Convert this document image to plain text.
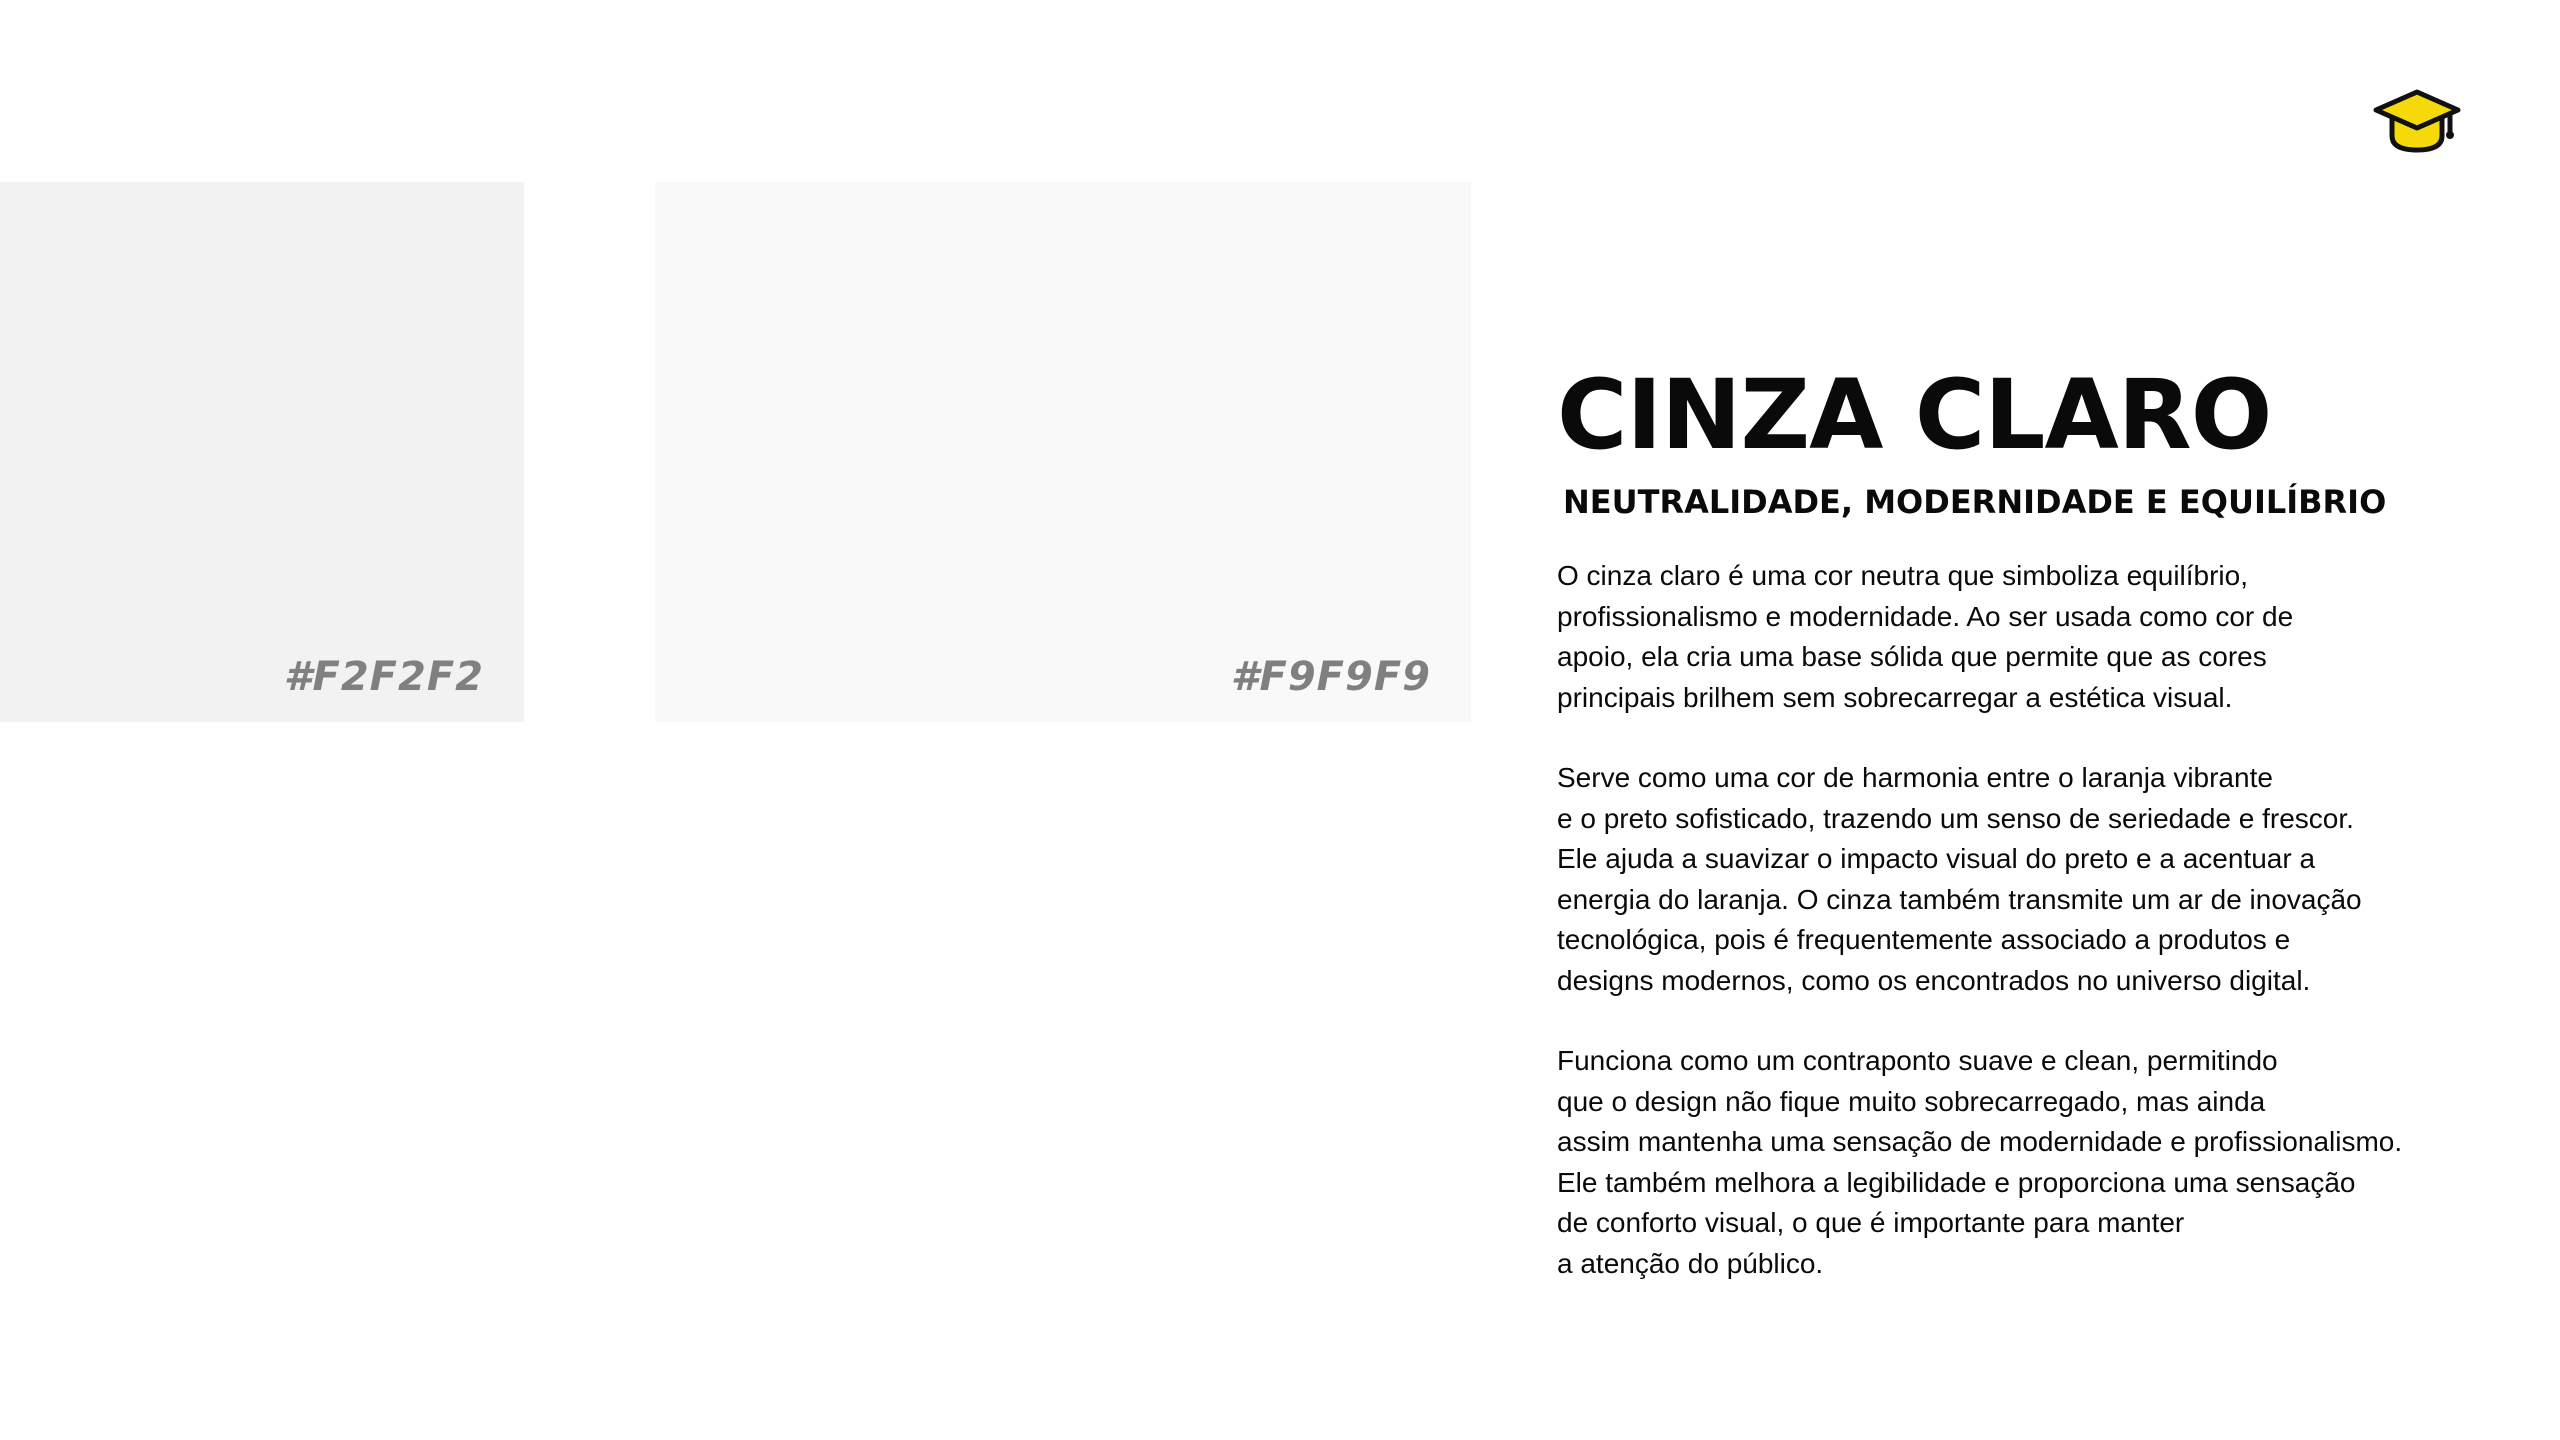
#F2F2F2	#F9F9F9
CINZA CLARO
NEUTRALIDADE, MODERNIDADE E EQUILÍBRIO

O cinza claro é uma cor neutra que simboliza equilíbrio,
profissionalismo e modernidade. Ao ser usada como cor de
apoio, ela cria uma base sólida que permite que as cores
principais brilhem sem sobrecarregar a estética visual.

Serve como uma cor de harmonia entre o laranja vibrante
e o preto sofisticado, trazendo um senso de seriedade e frescor.
Ele ajuda a suavizar o impacto visual do preto e a acentuar a
energia do laranja. O cinza também transmite um ar de inovação
tecnológica, pois é frequentemente associado a produtos e
designs modernos, como os encontrados no universo digital.

Funciona como um contraponto suave e clean, permitindo
que o design não fique muito sobrecarregado, mas ainda
assim mantenha uma sensação de modernidade e profissionalismo.
Ele também melhora a legibilidade e proporciona uma sensação
de conforto visual, o que é importante para manter
a atenção do público.
